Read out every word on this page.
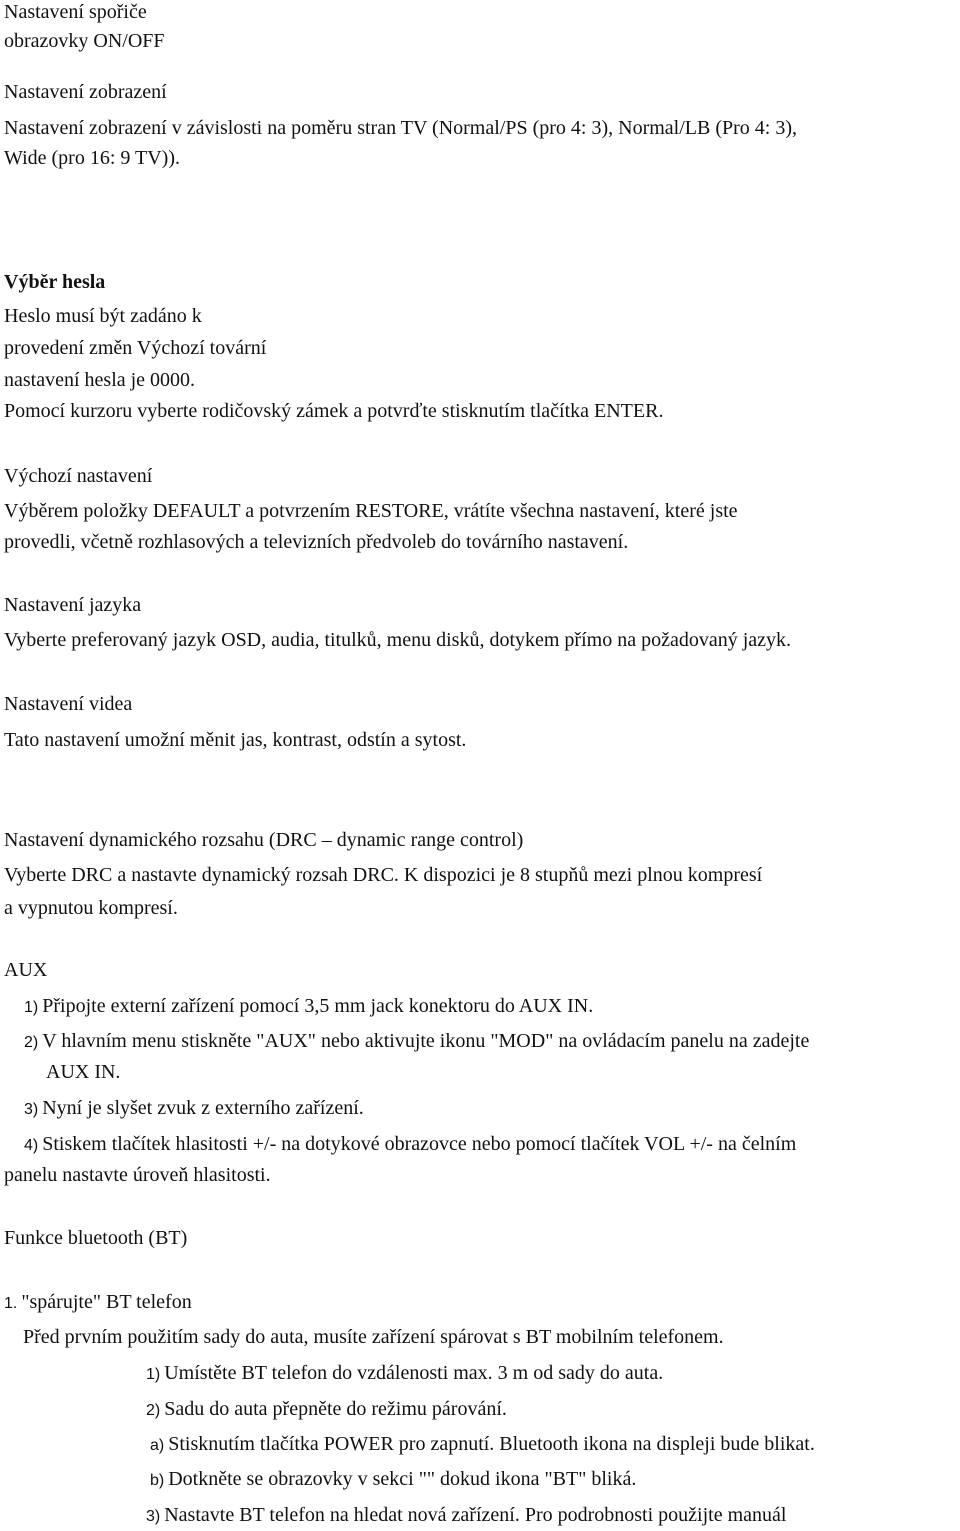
Nastavení spořiče

obrazovky ON/OFF

Nastavení zobrazení

Nastavení zobrazení v závislosti na poměru stran TV (Normal/PS (pro 4: 3), Normal/LB (Pro 4: 3),

Wide (pro 16: 9 TV)).

Výběr hesla

Heslo musí být zadáno k

provedení změn Výchozí tovární

nastavení hesla je 0000.

Pomocí kurzoru vyberte rodičovský zámek a potvrďte stisknutím tlačítka ENTER.

Výchozí nastavení

Výběrem položky DEFAULT a potvrzením RESTORE, vrátíte všechna nastavení, které jste

provedli, včetně rozhlasových a televizních předvoleb do továrního nastavení.

Nastavení jazyka

Vyberte preferovaný jazyk OSD, audia, titulků, menu disků, dotykem přímo na požadovaný jazyk.

Nastavení videa

Tato nastavení umožní měnit jas, kontrast, odstín a sytost.

Nastavení dynamického rozsahu (DRC – dynamic range control)

Vyberte DRC a nastavte dynamický rozsah DRC. K dispozici je 8 stupňů mezi plnou kompresí

a vypnutou kompresí.

AUX

1) Připojte externí zařízení pomocí 3,5 mm jack konektoru do AUX IN.

2) V hlavním menu stiskněte "AUX" nebo aktivujte ikonu "MOD" na ovládacím panelu na zadejte

AUX IN.

3) Nyní je slyšet zvuk z externího zařízení.

4) Stiskem tlačítek hlasitosti +/- na dotykové obrazovce nebo pomocí tlačítek VOL +/- na čelním

panelu nastavte úroveň hlasitosti.

Funkce bluetooth (BT)

1. "spárujte" BT telefon

Před prvním použitím sady do auta, musíte zařízení spárovat s BT mobilním telefonem.

1) Umístěte BT telefon do vzdálenosti max. 3 m od sady do auta.

2) Sadu do auta přepněte do režimu párování.

a) Stisknutím tlačítka POWER pro zapnutí. Bluetooth ikona na displeji bude blikat.

b) Dotkněte se obrazovky v sekci "" dokud ikona "BT" bliká.

3) Nastavte BT telefon na hledat nová zařízení. Pro podrobnosti použijte manuál
